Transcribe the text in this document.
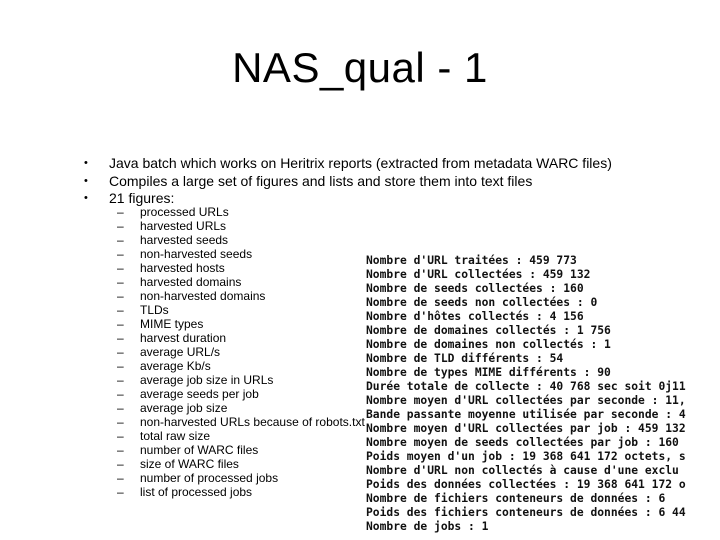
NAS_qual - 1
• Java batch which works on Heritrix reports (extracted from metadata WARC files)
• Compiles a large set of figures and lists and store them into text files
• 21 figures:
– processed URLs
– harvested URLs
– harvested seeds
– non-harvested seeds
– harvested hosts
– harvested domains
– non-harvested domains
– TLDs
– MIME types
– harvest duration
– average URL/s
– average Kb/s
– average job size in URLs
– average seeds per job
– average job size
– non-harvested URLs because of robots.txt
– total raw size
– number of WARC files
– size of WARC files
– number of processed jobs
– list of processed jobs
Nombre d'URL traitées : 459 773
Nombre d'URL collectées : 459 132
Nombre de seeds collectées : 160
Nombre de seeds non collectées : 0
Nombre d'hôtes collectés : 4 156
Nombre de domaines collectés : 1 756
Nombre de domaines non collectés : 1
Nombre de TLD différents : 54
Nombre de types MIME différents : 90
Durée totale de collecte : 40 768 sec soit 0j11
Nombre moyen d'URL collectées par seconde : 11,
Bande passante moyenne utilisée par seconde : 4
Nombre moyen d'URL collectées par job : 459 132
Nombre moyen de seeds collectées par job : 160
Poids moyen d'un job : 19 368 641 172 octets, s
Nombre d'URL non collectés à cause d'une exclu
Poids des données collectées : 19 368 641 172 o
Nombre de fichiers conteneurs de données : 6
Poids des fichiers conteneurs de données : 6 44
Nombre de jobs : 1
